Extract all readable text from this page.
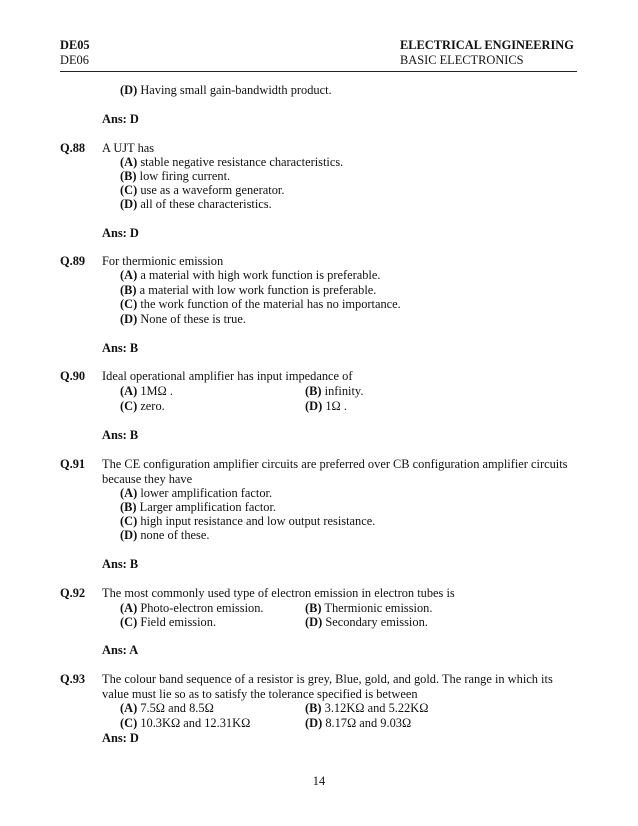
DE05
DE06
ELECTRICAL ENGINEERING
BASIC ELECTRONICS
(D) Having small gain-bandwidth product.
Ans: D
Q.88 A UJT has
(A) stable negative resistance characteristics.
(B) low firing current.
(C) use as a waveform generator.
(D) all of these characteristics.
Ans: D
Q.89 For thermionic emission
(A) a material with high work function is preferable.
(B) a material with low work function is preferable.
(C) the work function of the material has no importance.
(D) None of these is true.
Ans: B
Q.90 Ideal operational amplifier has input impedance of
(A) 1MΩ .	(B) infinity.
(C) zero.	(D) 1Ω .
Ans: B
Q.91 The CE configuration amplifier circuits are preferred over CB configuration amplifier circuits because they have
(A) lower amplification factor.
(B) Larger amplification factor.
(C) high input resistance and low output resistance.
(D) none of these.
Ans: B
Q.92 The most commonly used type of electron emission in electron tubes is
(A) Photo-electron emission.	(B) Thermionic emission.
(C) Field emission.	(D) Secondary emission.
Ans: A
Q.93 The colour band sequence of a resistor is grey, Blue, gold, and gold. The range in which its value must lie so as to satisfy the tolerance specified is between
(A) 7.5Ω and 8.5Ω	(B) 3.12KΩ and 5.22KΩ
(C) 10.3KΩ and 12.31KΩ	(D) 8.17Ω and 9.03Ω
Ans: D
14
